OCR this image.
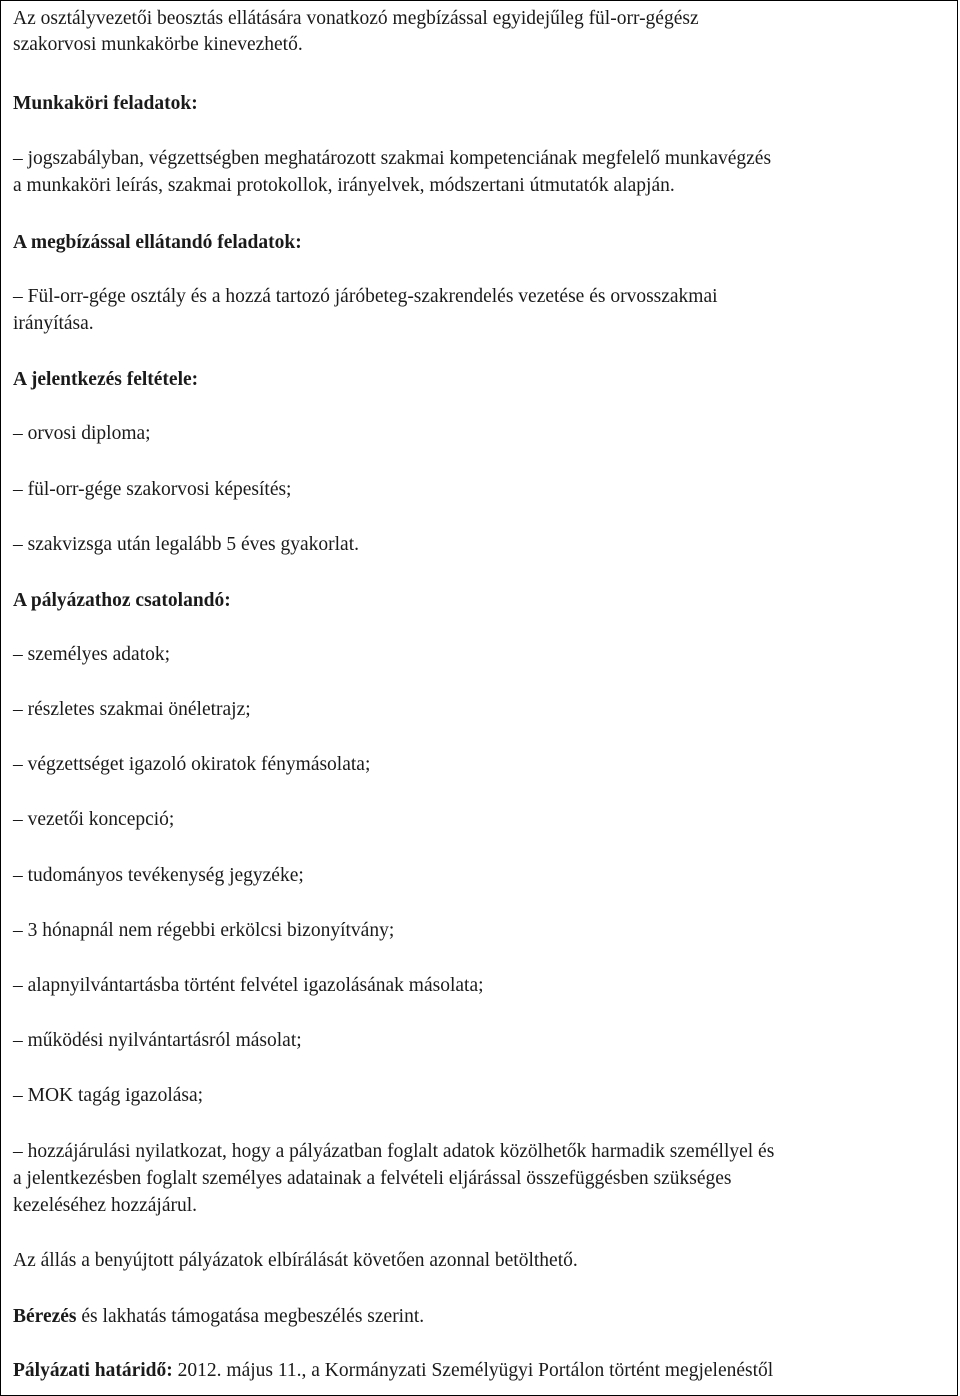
Az osztályvezetői beosztás ellátására vonatkozó megbízással egyidejűleg fül-orr-gégész

szakorvosi munkakörbe kinevezhető.

Munkaköri feladatok:

– jogszabályban, végzettségben meghatározott szakmai kompetenciának megfelelő munkavégzés

a munkaköri leírás, szakmai protokollok, irányelvek, módszertani útmutatók alapján.

A megbízással ellátandó feladatok:

– Fül-orr-gége osztály és a hozzá tartozó járóbeteg-szakrendelés vezetése és orvosszakmai

irányítása.

A jelentkezés feltétele:

– orvosi diploma;

– fül-orr-gége szakorvosi képesítés;

– szakvizsga után legalább 5 éves gyakorlat.

A pályázathoz csatolandó:

– személyes adatok;

– részletes szakmai önéletrajz;

– végzettséget igazoló okiratok fénymásolata;

– vezetői koncepció;

– tudományos tevékenység jegyzéke;

– 3 hónapnál nem régebbi erkölcsi bizonyítvány;

– alapnyilvántartásba történt felvétel igazolásának másolata;

– működési nyilvántartásról másolat;

– MOK tagág igazolása;

– hozzájárulási nyilatkozat, hogy a pályázatban foglalt adatok közölhetők harmadik személlyel és

a jelentkezésben foglalt személyes adatainak a felvételi eljárással összefüggésben szükséges

kezeléséhez hozzájárul.

Az állás a benyújtott pályázatok elbírálását követően azonnal betölthető.

Bérezés és lakhatás támogatása megbeszélés szerint.

Pályázati határidő: 2012. május 11., a Kormányzati Személyügyi Portálon történt megjelenéstől
